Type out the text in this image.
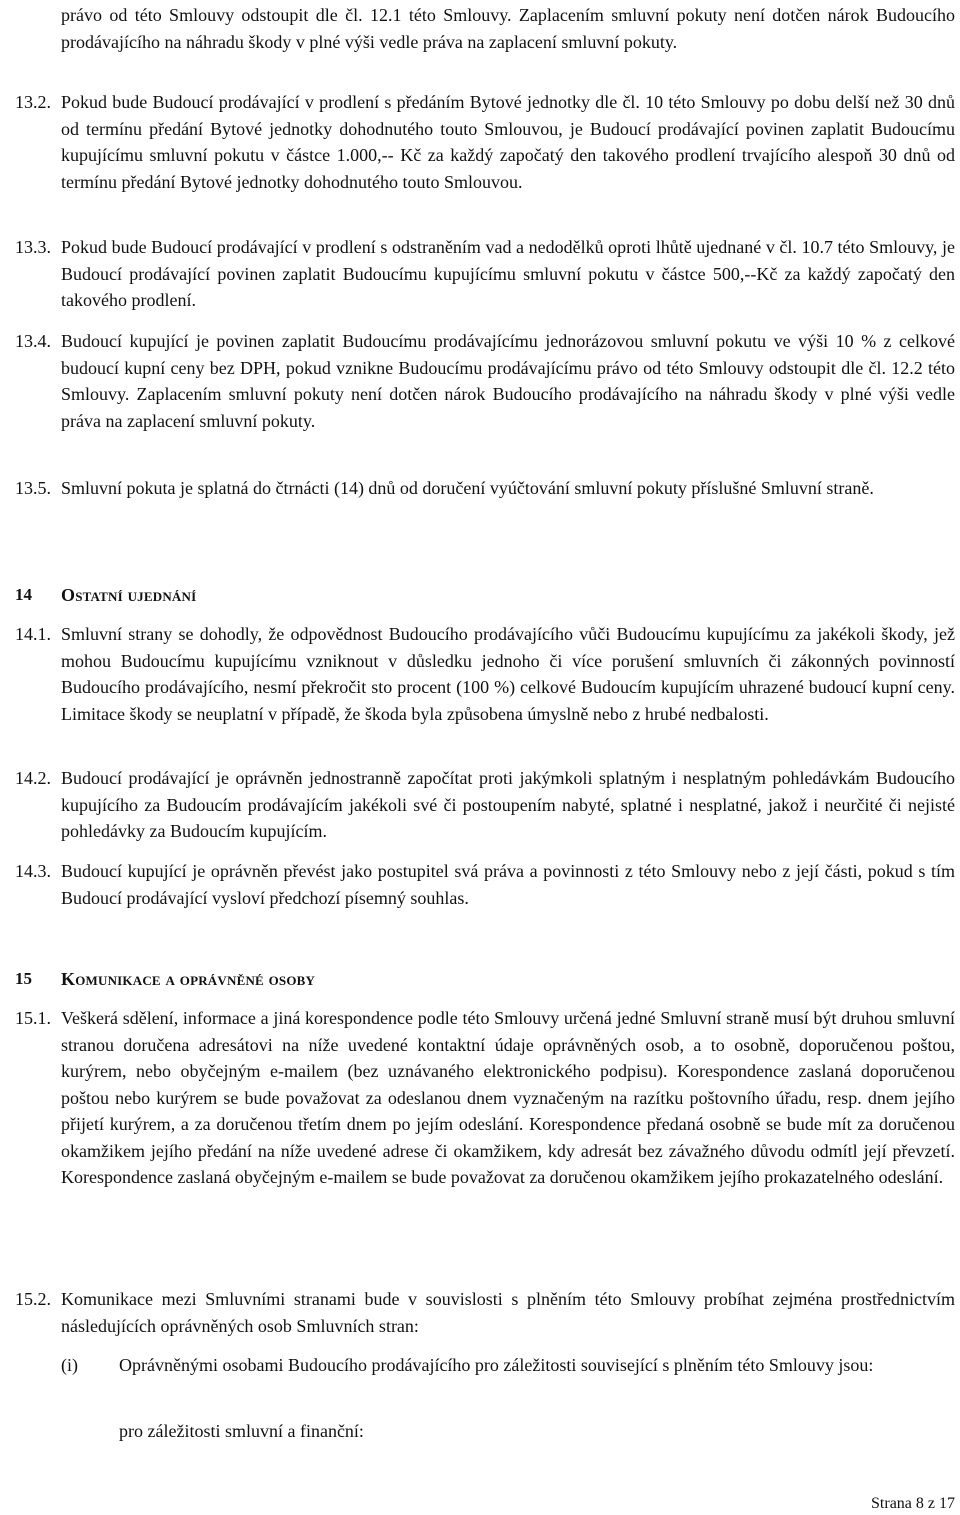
právo od této Smlouvy odstoupit dle čl. 12.1 této Smlouvy. Zaplacením smluvní pokuty není dotčen nárok Budoucího prodávajícího na náhradu škody v plné výši vedle práva na zaplacení smluvní pokuty.
13.2. Pokud bude Budoucí prodávající v prodlení s předáním Bytové jednotky dle čl. 10 této Smlouvy po dobu delší než 30 dnů od termínu předání Bytové jednotky dohodnutého touto Smlouvou, je Budoucí prodávající povinen zaplatit Budoucímu kupujícímu smluvní pokutu v částce 1.000,-- Kč za každý započatý den takového prodlení trvajícího alespoň 30 dnů od termínu předání Bytové jednotky dohodnutého touto Smlouvou.
13.3. Pokud bude Budoucí prodávající v prodlení s odstraněním vad a nedodělků oproti lhůtě ujednané v čl. 10.7 této Smlouvy, je Budoucí prodávající povinen zaplatit Budoucímu kupujícímu smluvní pokutu v částce 500,--Kč za každý započatý den takového prodlení.
13.4. Budoucí kupující je povinen zaplatit Budoucímu prodávajícímu jednorázovou smluvní pokutu ve výši 10 % z celkové budoucí kupní ceny bez DPH, pokud vznikne Budoucímu prodávajícímu právo od této Smlouvy odstoupit dle čl. 12.2 této Smlouvy. Zaplacením smluvní pokuty není dotčen nárok Budoucího prodávajícího na náhradu škody v plné výši vedle práva na zaplacení smluvní pokuty.
13.5. Smluvní pokuta je splatná do čtrnácti (14) dnů od doručení vyúčtování smluvní pokuty příslušné Smluvní straně.
14 Ostatní ujednání
14.1. Smluvní strany se dohodly, že odpovědnost Budoucího prodávajícího vůči Budoucímu kupujícímu za jakékoli škody, jež mohou Budoucímu kupujícímu vzniknout v důsledku jednoho či více porušení smluvních či zákonných povinností Budoucího prodávajícího, nesmí překročit sto procent (100 %) celkové Budoucím kupujícím uhrazené budoucí kupní ceny. Limitace škody se neuplatní v případě, že škoda byla způsobena úmyslně nebo z hrubé nedbalosti.
14.2. Budoucí prodávající je oprávněn jednostranně započítat proti jakýmkoli splatným i nesplatným pohledávkám Budoucího kupujícího za Budoucím prodávajícím jakékoli své či postoupením nabyté, splatné i nesplatné, jakož i neurčité či nejisté pohledávky za Budoucím kupujícím.
14.3. Budoucí kupující je oprávněn převést jako postupitel svá práva a povinnosti z této Smlouvy nebo z její části, pokud s tím Budoucí prodávající vysloví předchozí písemný souhlas.
15 Komunikace a oprávněné osoby
15.1. Veškerá sdělení, informace a jiná korespondence podle této Smlouvy určená jedné Smluvní straně musí být druhou smluvní stranou doručena adresátovi na níže uvedené kontaktní údaje oprávněných osob, a to osobně, doporučenou poštou, kurýrem, nebo obyčejným e-mailem (bez uznávaného elektronického podpisu). Korespondence zaslaná doporučenou poštou nebo kurýrem se bude považovat za odeslanou dnem vyznačeným na razítku poštovního úřadu, resp. dnem jejího přijetí kurýrem, a za doručenou třetím dnem po jejím odeslání. Korespondence předaná osobně se bude mít za doručenou okamžikem jejího předání na níže uvedené adrese či okamžikem, kdy adresát bez závažného důvodu odmítl její převzetí. Korespondence zaslaná obyčejným e-mailem se bude považovat za doručenou okamžikem jejího prokazatelného odeslání.
15.2. Komunikace mezi Smluvními stranami bude v souvislosti s plněním této Smlouvy probíhat zejména prostřednictvím následujících oprávněných osob Smluvních stran:
(i) Oprávněnými osobami Budoucího prodávajícího pro záležitosti související s plněním této Smlouvy jsou:
pro záležitosti smluvní a finanční:
Strana 8 z 17
